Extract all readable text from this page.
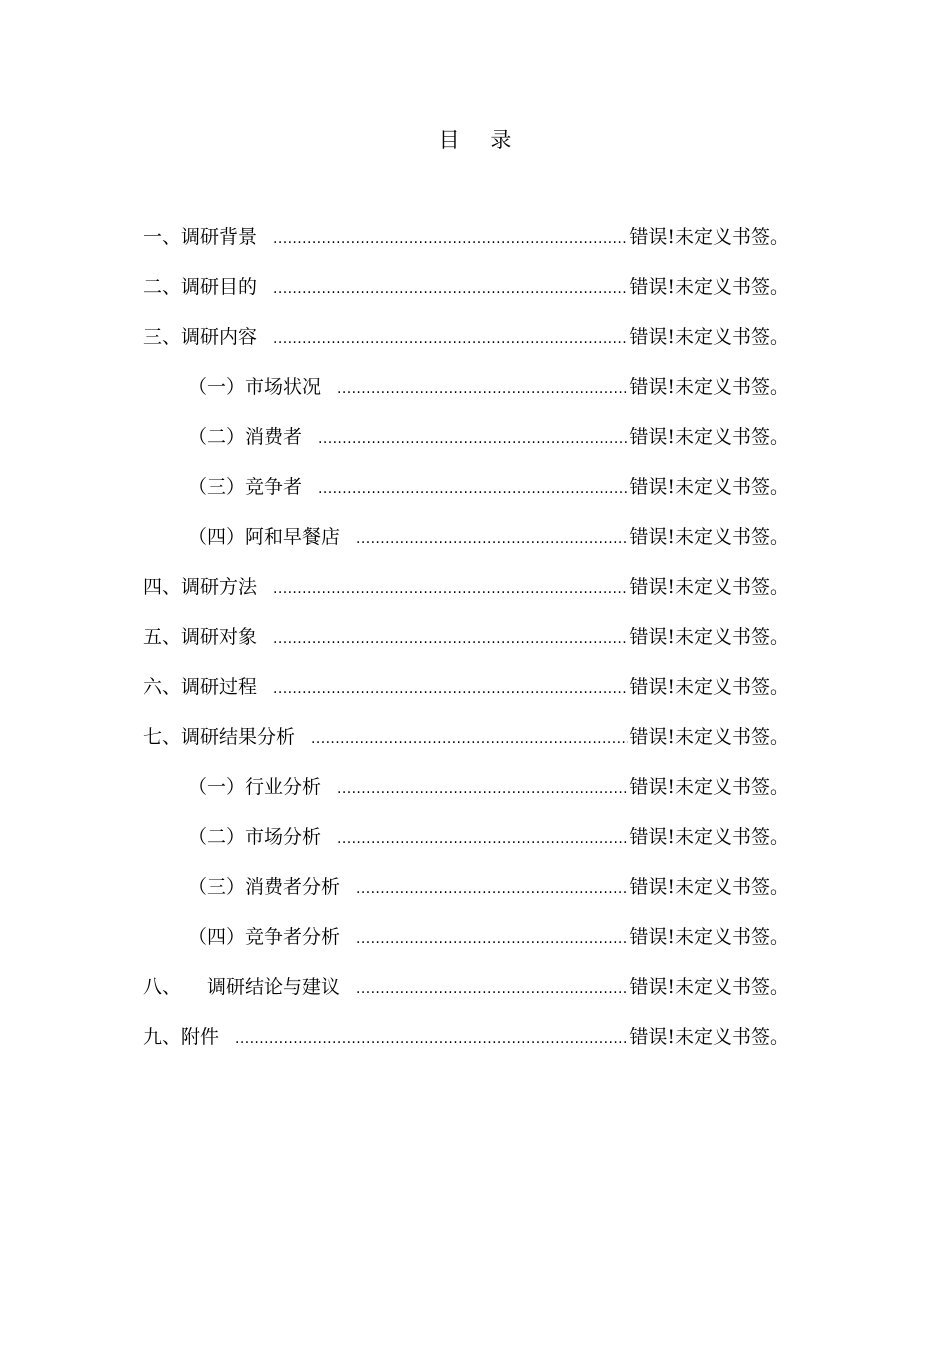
目 录
一、调研背景 .....	错误!未定义书签。
二、调研目的 .....	错误!未定义书签。
三、调研内容 .....	错误!未定义书签。
（一）市场状况 .....	错误!未定义书签。
（二）消费者 .....	错误!未定义书签。
（三）竞争者 .....	错误!未定义书签。
（四）阿和早餐店 .....	错误!未定义书签。
四、调研方法 .....	错误!未定义书签。
五、调研对象 .....	错误!未定义书签。
六、调研过程 .....	错误!未定义书签。
七、调研结果分析 .....	错误!未定义书签。
（一）行业分析 .....	错误!未定义书签。
（二）市场分析 .....	错误!未定义书签。
（三）消费者分析 .....	错误!未定义书签。
（四）竞争者分析 .....	错误!未定义书签。
八、 调研结论与建议 .....	错误!未定义书签。
九、附件 .....	错误!未定义书签。
